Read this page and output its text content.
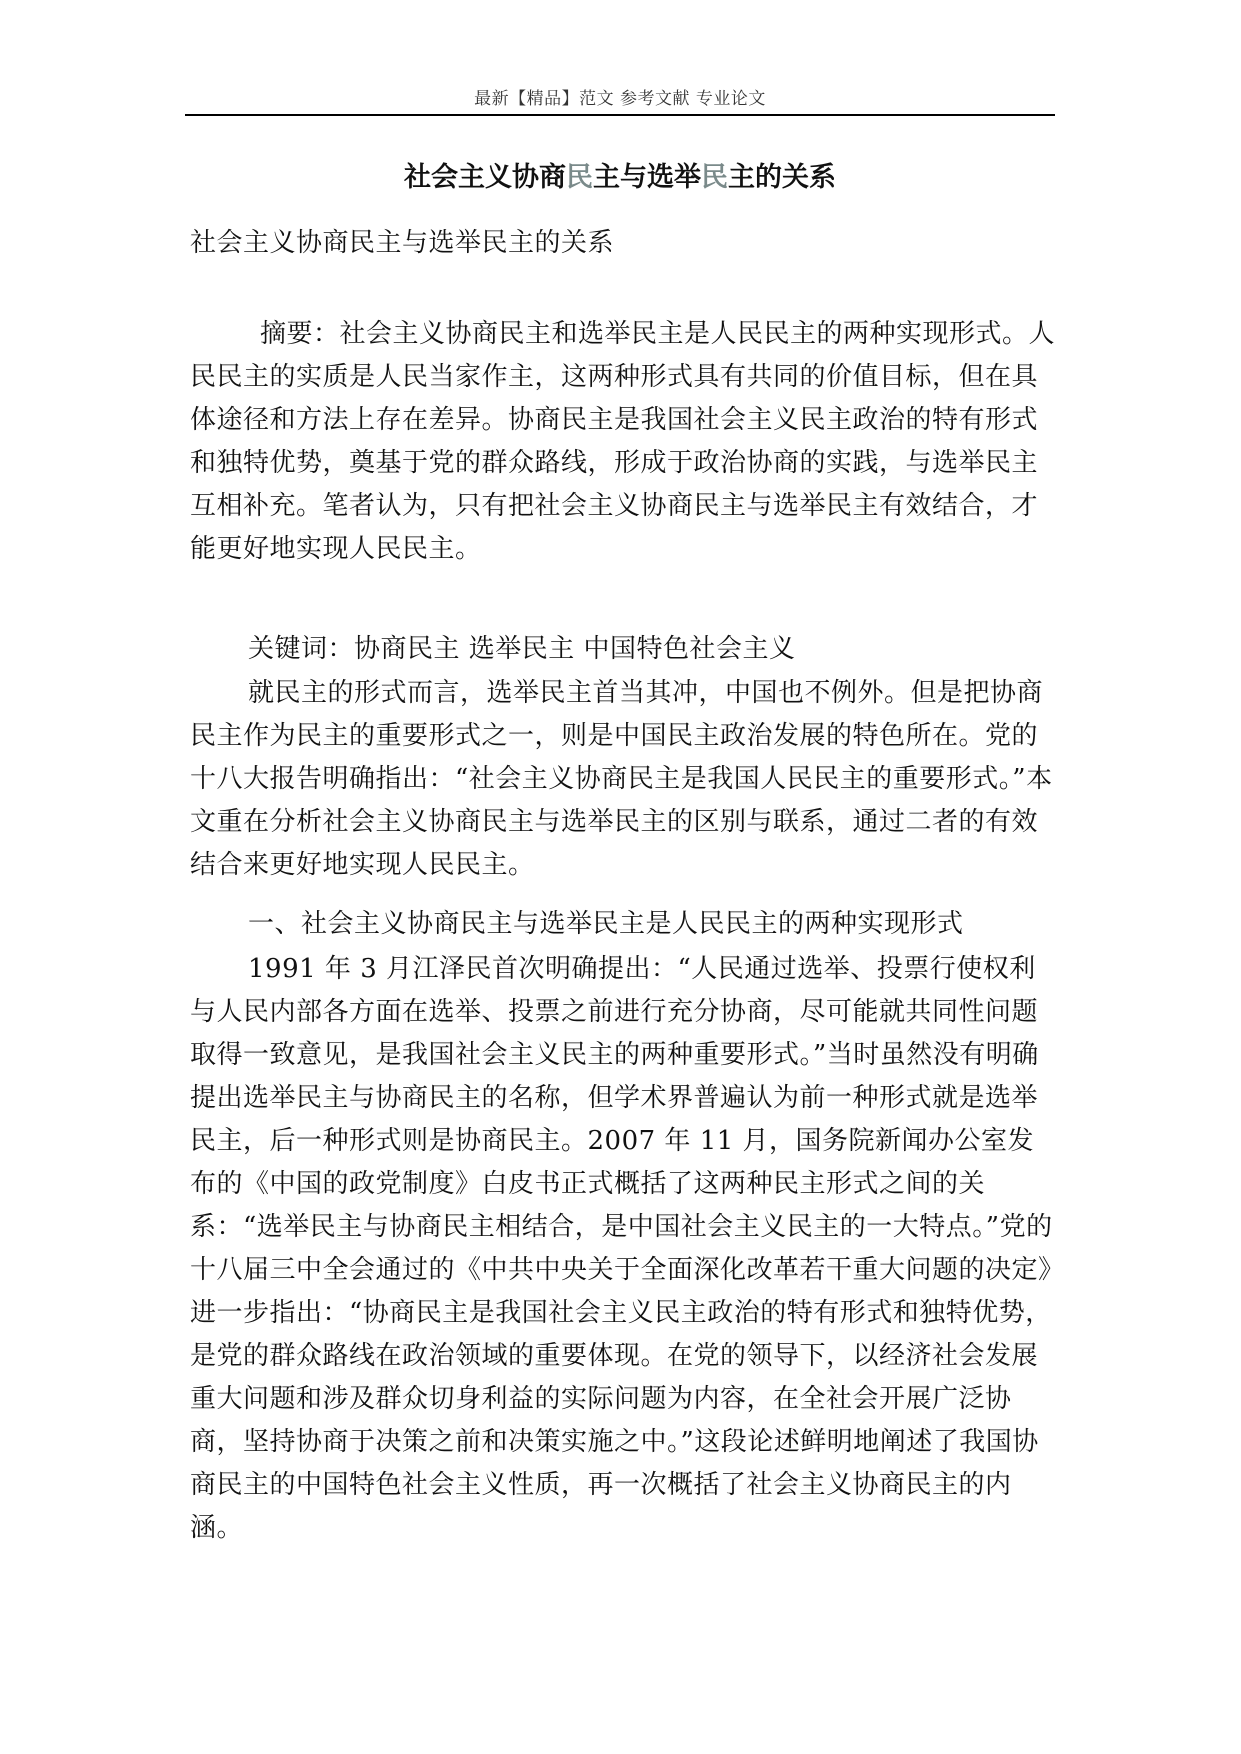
最新【精品】范文 参考文献 专业论文
社会主义协商民主与选举民主的关系
社会主义协商民主与选举民主的关系
摘要：社会主义协商民主和选举民主是人民民主的两种实现形式。人民民主的实质是人民当家作主，这两种形式具有共同的价值目标，但在具体途径和方法上存在差异。协商民主是我国社会主义民主政治的特有形式和独特优势，奠基于党的群众路线，形成于政治协商的实践，与选举民主互相补充。笔者认为，只有把社会主义协商民主与选举民主有效结合，才能更好地实现人民民主。
关键词：协商民主 选举民主 中国特色社会主义
就民主的形式而言，选举民主首当其冲，中国也不例外。但是把协商民主作为民主的重要形式之一，则是中国民主政治发展的特色所在。党的十八大报告明确指出：“社会主义协商民主是我国人民民主的重要形式。”本文重在分析社会主义协商民主与选举民主的区别与联系，通过二者的有效结合来更好地实现人民民主。
一、社会主义协商民主与选举民主是人民民主的两种实现形式
1991 年 3 月江泽民首次明确提出：“人民通过选举、投票行使权利与人民内部各方面在选举、投票之前进行充分协商，尽可能就共同性问题取得一致意见，是我国社会主义民主的两种重要形式。”当时虽然没有明确提出选举民主与协商民主的名称，但学术界普遍认为前一种形式就是选举民主，后一种形式则是协商民主。2007 年 11 月，国务院新闻办公室发布的《中国的政党制度》白皮书正式概括了这两种民主形式之间的关系：“选举民主与协商民主相结合，是中国社会主义民主的一大特点。”党的十八届三中全会通过的《中共中央关于全面深化改革若干重大问题的决定》进一步指出：“协商民主是我国社会主义民主政治的特有形式和独特优势，是党的群众路线在政治领域的重要体现。在党的领导下，以经济社会发展重大问题和涉及群众切身利益的实际问题为内容，在全社会开展广泛协商，坚持协商于决策之前和决策实施之中。”这段论述鲜明地阐述了我国协商民主的中国特色社会主义性质，再一次概括了社会主义协商民主的内涵。
